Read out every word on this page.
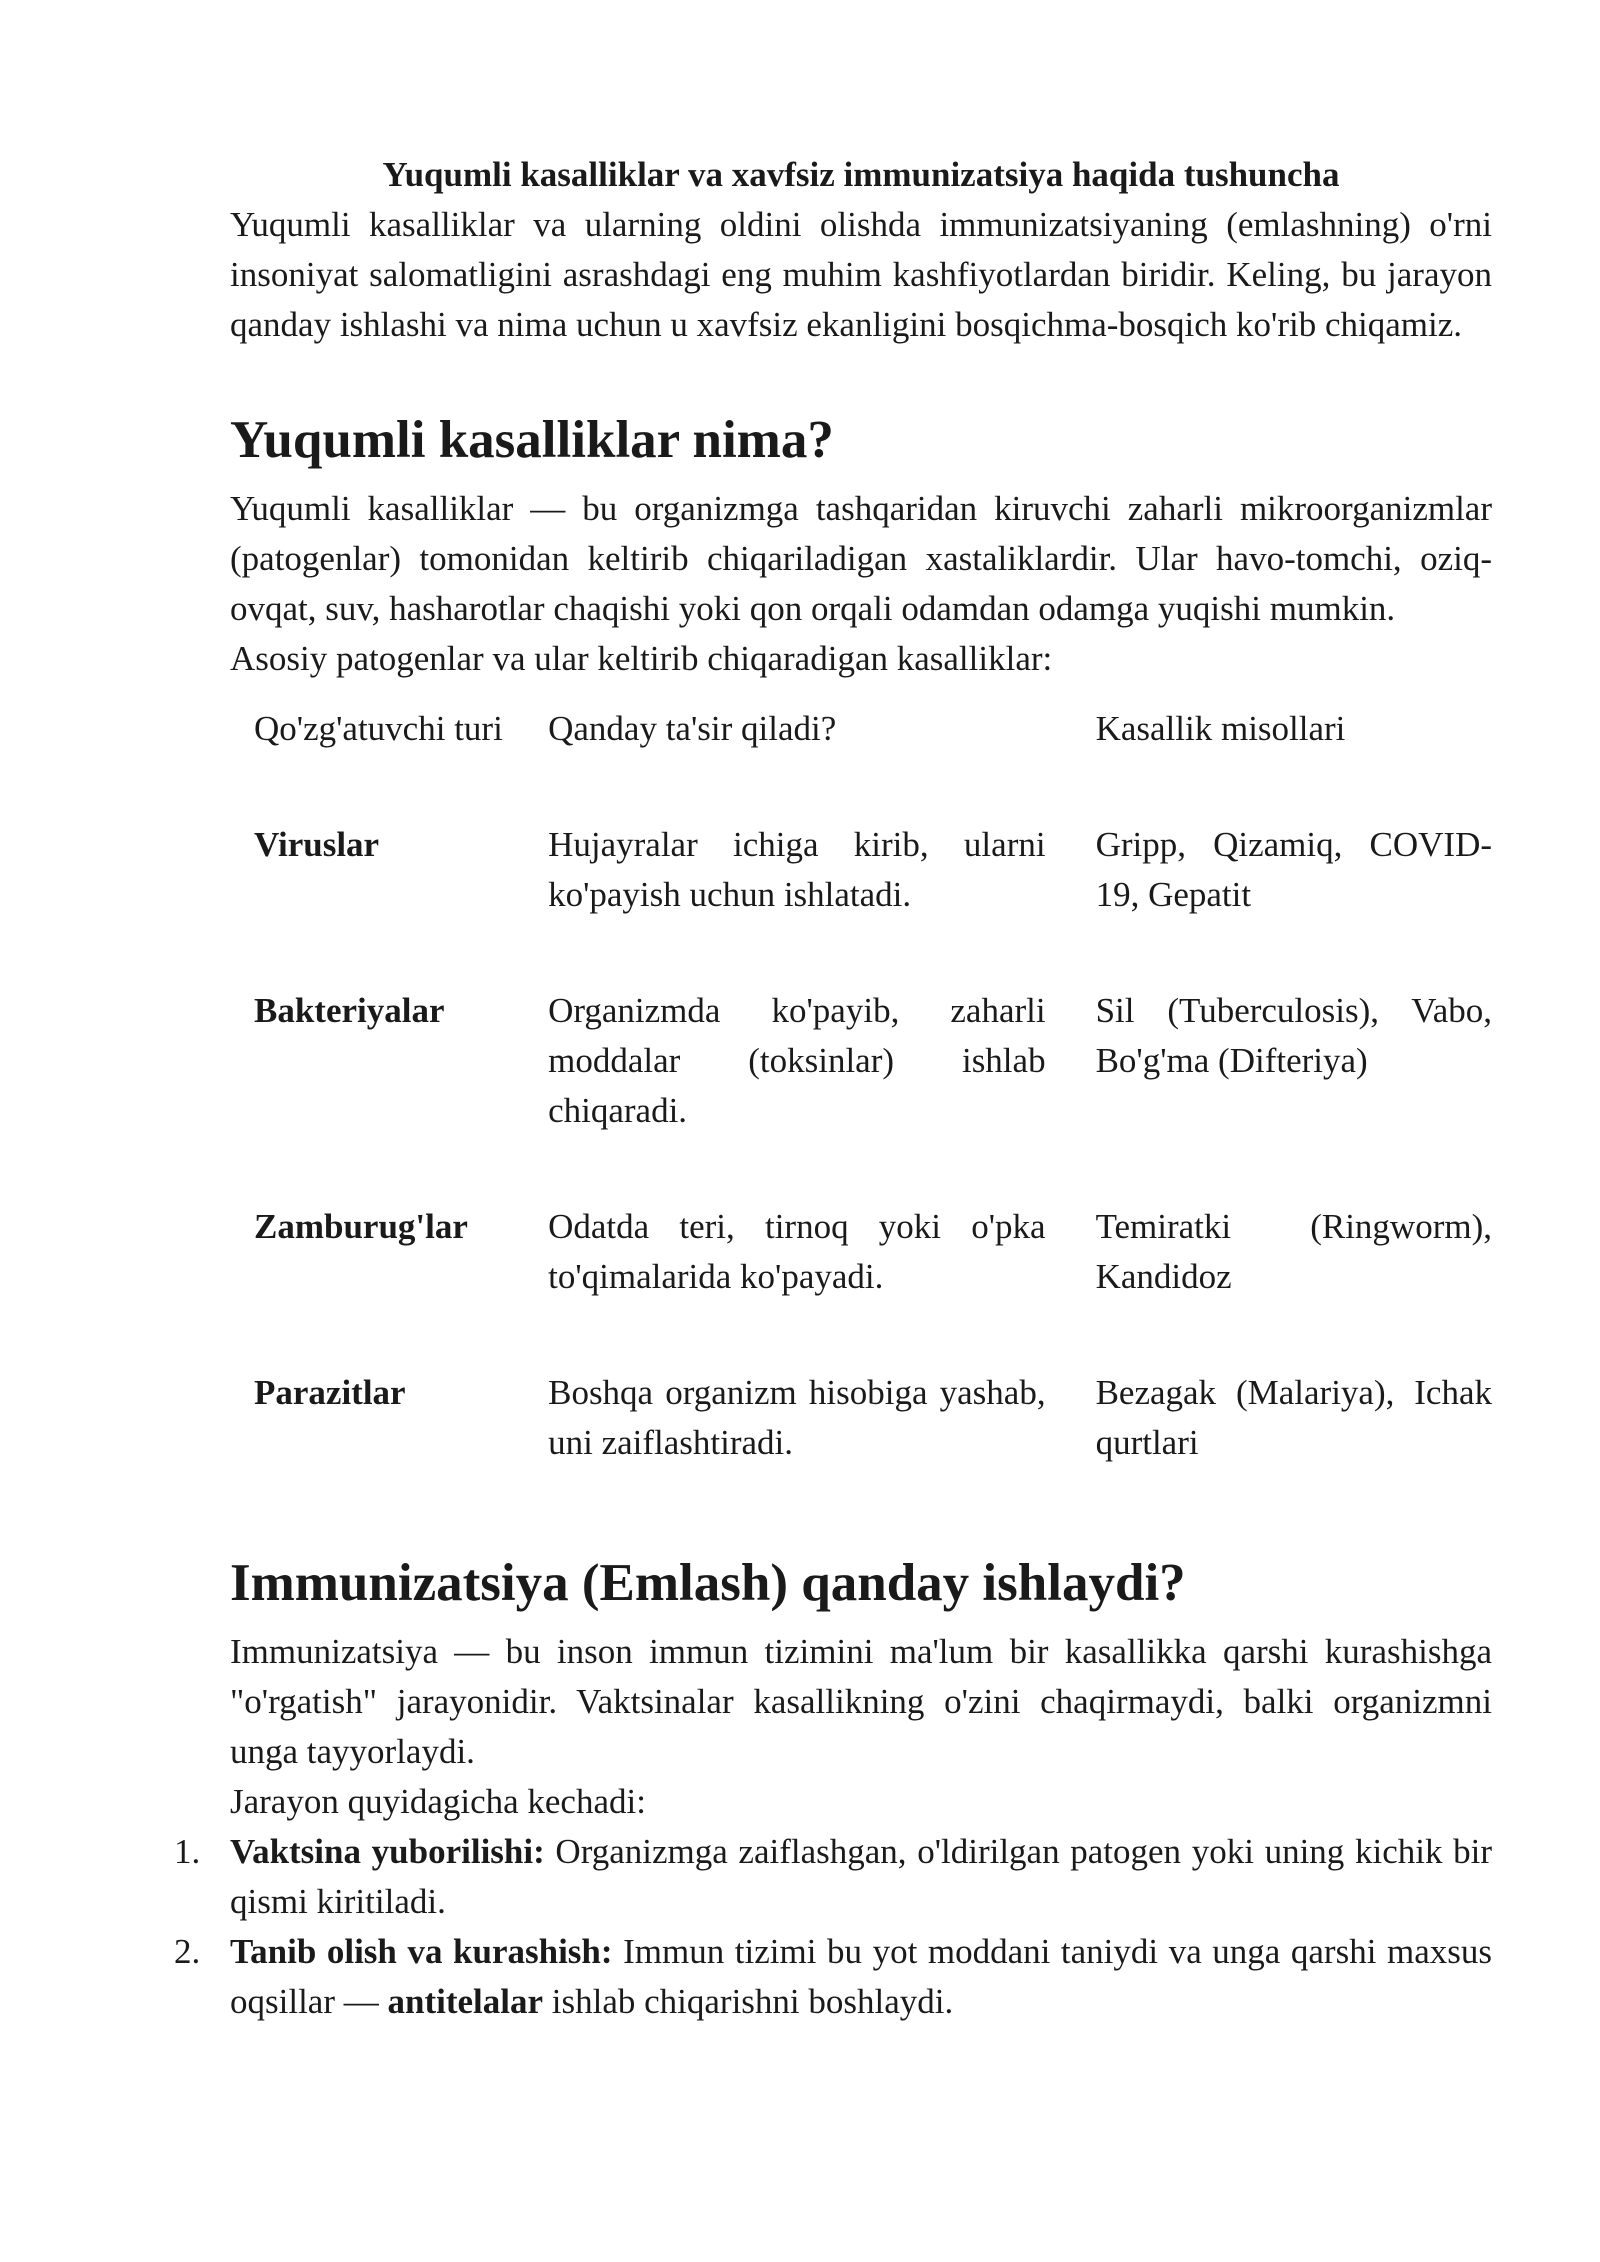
Yuqumli kasalliklar va xavfsiz immunizatsiya haqida tushuncha

Yuqumli kasalliklar va ularning oldini olishda immunizatsiyaning (emlashning) o'rni insoniyat salomatligini asrashdagi eng muhim kashfiyotlardan biridir. Keling, bu jarayon qanday ishlashi va nima uchun u xavfsiz ekanligini bosqichma-bosqich ko'rib chiqamiz.

Yuqumli kasalliklar nima?

Yuqumli kasalliklar — bu organizmga tashqaridan kiruvchi zaharli mikroorganizmlar (patogenlar) tomonidan keltirib chiqariladigan xastaliklardir. Ular havo-tomchi, oziq-ovqat, suv, hasharotlar chaqishi yoki qon orqali odamdan odamga yuqishi mumkin.

Asosiy patogenlar va ular keltirib chiqaradigan kasalliklar:

Qo'zg'atuvchi turi	Qanday ta'sir qiladi?	Kasallik misollari
Viruslar	Hujayralar ichiga kirib, ularni ko'payish uchun ishlatadi.	Gripp, Qizamiq, COVID-19, Gepatit
Bakteriyalar	Organizmda ko'payib, zaharli moddalar (toksinlar) ishlab chiqaradi.	Sil (Tuberculosis), Vabo, Bo'g'ma (Difteriya)
Zamburug'lar	Odatda teri, tirnoq yoki o'pka to'qimalarida ko'payadi.	Temiratki (Ringworm), Kandidoz
Parazitlar	Boshqa organizm hisobiga yashab, uni zaiflashtiradi.	Bezagak (Malariya), Ichak qurtlari
Immunizatsiya (Emlash) qanday ishlaydi?

Immunizatsiya — bu inson immun tizimini ma'lum bir kasallikka qarshi kurashishga "o'rgatish" jarayonidir. Vaktsinalar kasallikning o'zini chaqirmaydi, balki organizmni unga tayyorlaydi.

Jarayon quyidagicha kechadi:

1. Vaktsina yuborilishi: Organizmga zaiflashgan, o'ldirilgan patogen yoki uning kichik bir qismi kiritiladi.
2. Tanib olish va kurashish: Immun tizimi bu yot moddani taniydi va unga qarshi maxsus oqsillar — antitelalar ishlab chiqarishni boshlaydi.
